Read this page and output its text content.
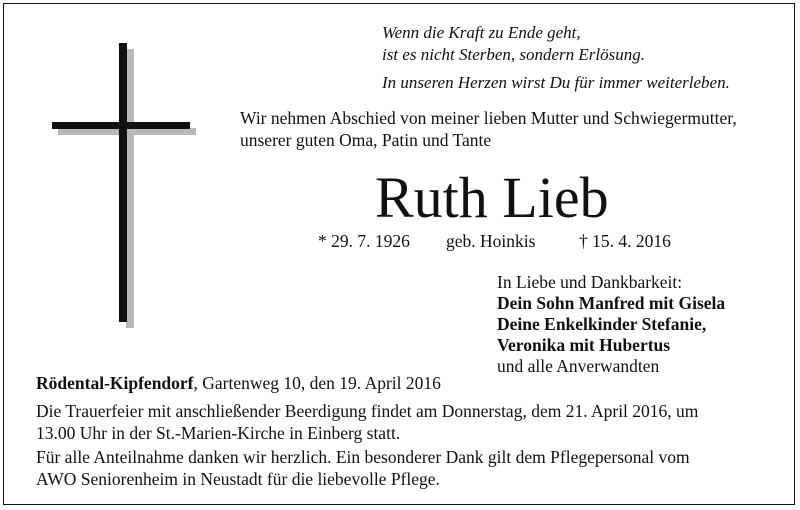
Wenn die Kraft zu Ende geht,
ist es nicht Sterben, sondern Erlösung.
In unseren Herzen wirst Du für immer weiterleben.
Wir nehmen Abschied von meiner lieben Mutter und Schwiegermutter,
unserer guten Oma, Patin und Tante
Ruth Lieb
* 29. 7. 1926 geb. Hoinkis † 15. 4. 2016
In Liebe und Dankbarkeit:
Dein Sohn Manfred mit Gisela
Deine Enkelkinder Stefanie,
Veronika mit Hubertus
und alle Anverwandten
Rödental-Kipfendorf, Gartenweg 10, den 19. April 2016
Die Trauerfeier mit anschließender Beerdigung findet am Donnerstag, dem 21. April 2016, um
13.00 Uhr in der St.-Marien-Kirche in Einberg statt.
Für alle Anteilnahme danken wir herzlich. Ein besonderer Dank gilt dem Pflegepersonal vom
AWO Seniorenheim in Neustadt für die liebevolle Pflege.
